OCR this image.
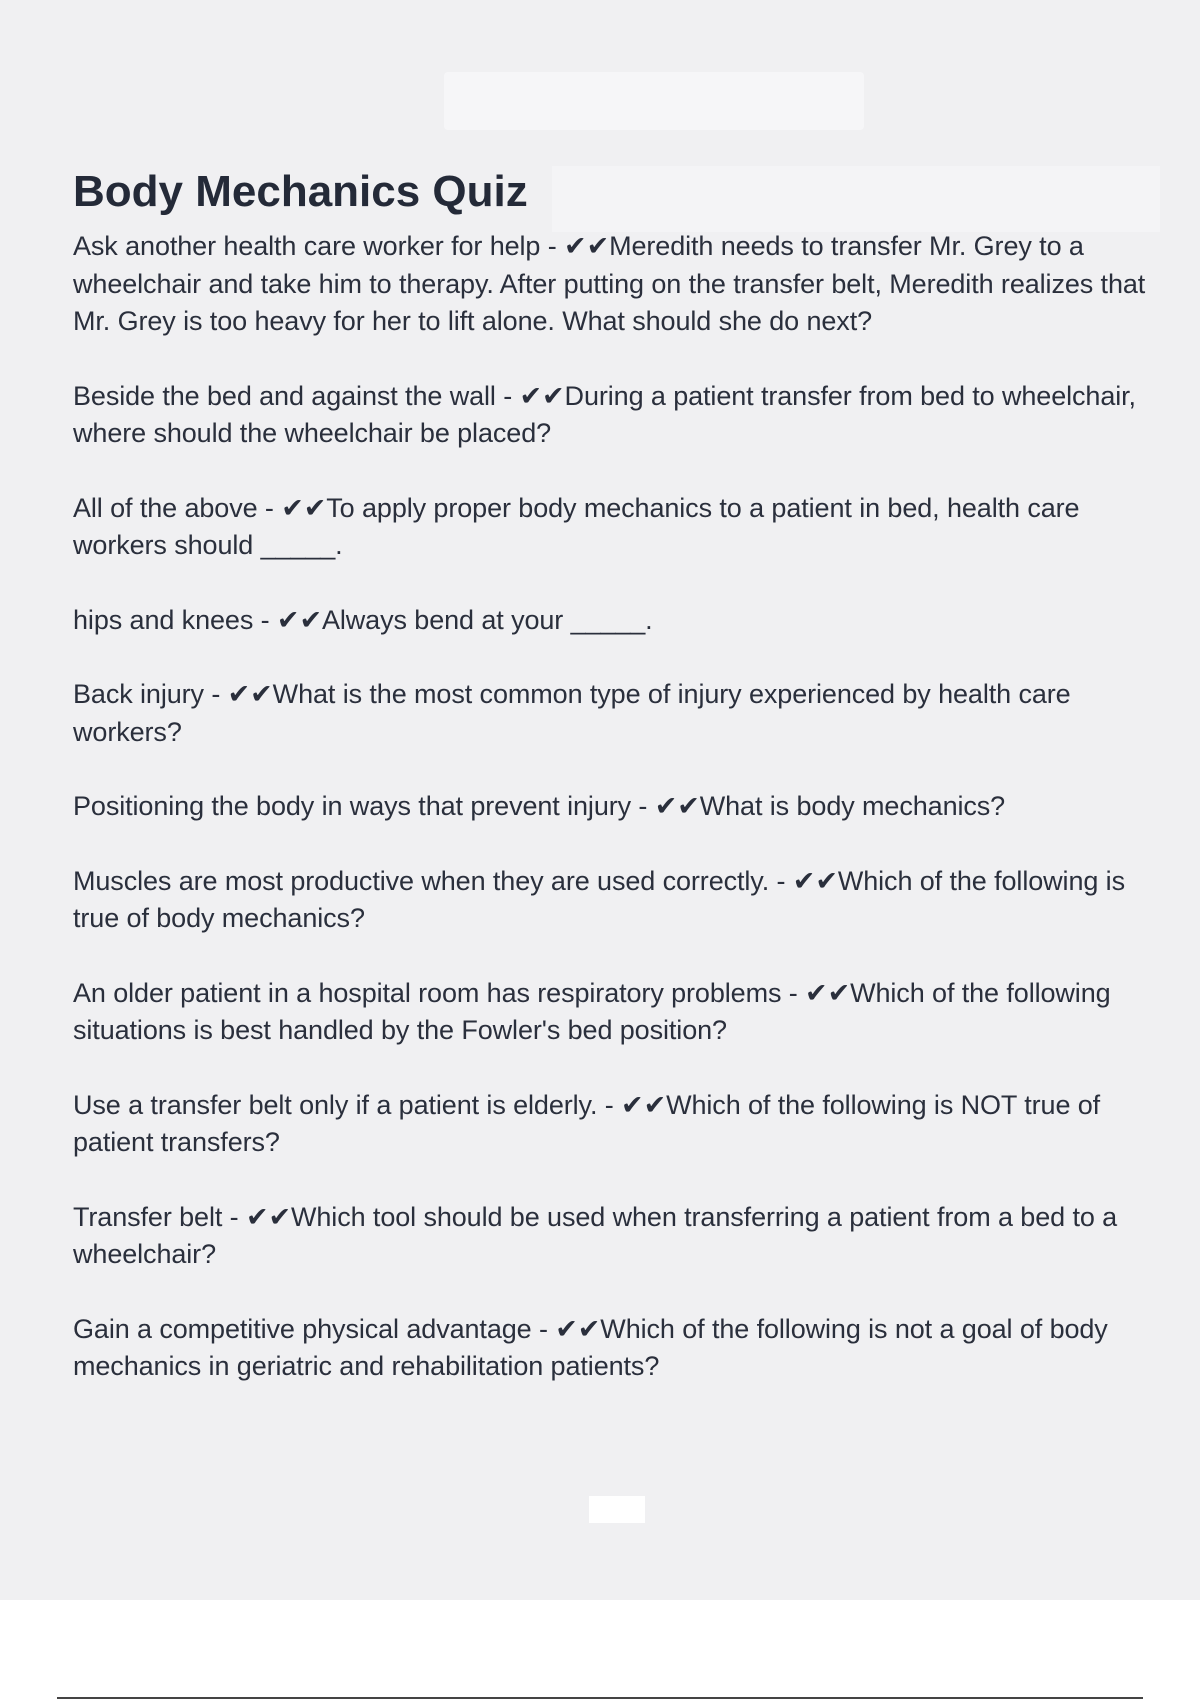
Body Mechanics Quiz

Ask another health care worker for help - ✔✔Meredith needs to transfer Mr. Grey to a wheelchair and take him to therapy. After putting on the transfer belt, Meredith realizes that Mr. Grey is too heavy for her to lift alone. What should she do next?

Beside the bed and against the wall - ✔✔During a patient transfer from bed to wheelchair, where should the wheelchair be placed?

All of the above - ✔✔To apply proper body mechanics to a patient in bed, health care workers should _____.

hips and knees - ✔✔Always bend at your _____.

Back injury - ✔✔What is the most common type of injury experienced by health care workers?

Positioning the body in ways that prevent injury - ✔✔What is body mechanics?

Muscles are most productive when they are used correctly. - ✔✔Which of the following is true of body mechanics?

An older patient in a hospital room has respiratory problems - ✔✔Which of the following situations is best handled by the Fowler's bed position?

Use a transfer belt only if a patient is elderly. - ✔✔Which of the following is NOT true of patient transfers?

Transfer belt - ✔✔Which tool should be used when transferring a patient from a bed to a wheelchair?

Gain a competitive physical advantage - ✔✔Which of the following is not a goal of body mechanics in geriatric and rehabilitation patients?
